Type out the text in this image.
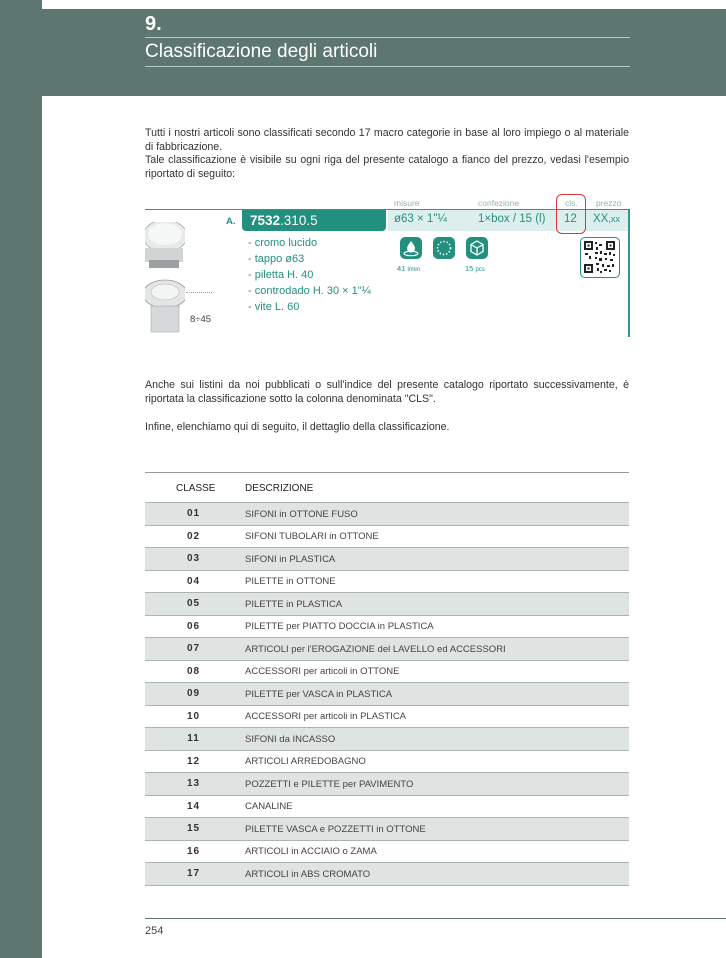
9.
Classificazione degli articoli
Tutti i nostri articoli sono classificati secondo 17 macro categorie in base al loro impiego o al materiale di fabbricazione.
Tale classificazione è visibile su ogni riga del presente catalogo a fianco del prezzo, vedasi l'esempio riportato di seguito:
misure	confezione	cls. prezzo
A.	7532.310.5	ø63 × 1"¼	1×box / 15 (l) 12 XX,xx
- cromo lucido
- tappo ø63
- piletta H. 40
- controdado H. 30 × 1"¼
- vite L. 60
41 l/min	15 pcs
8÷45
Anche sui listini da noi pubblicati o sull'indice del presente catalogo riportato successivamente, è riportata la classificazione sotto la colonna denominata "CLS".
Infine, elenchiamo qui di seguito, il dettaglio della classificazione.
CLASSE	DESCRIZIONE
01	SIFONI in OTTONE FUSO
02	SIFONI TUBOLARI in OTTONE
03	SIFONI in PLASTICA
04	PILETTE in OTTONE
05	PILETTE in PLASTICA
06	PILETTE per PIATTO DOCCIA in PLASTICA
07	ARTICOLI per l'EROGAZIONE del LAVELLO ed ACCESSORI
08	ACCESSORI per articoli in OTTONE
09	PILETTE per VASCA in PLASTICA
10	ACCESSORI per articoli in PLASTICA
11	SIFONI da INCASSO
12	ARTICOLI ARREDOBAGNO
13	POZZETTI e PILETTE per PAVIMENTO
14	CANALINE
15	PILETTE VASCA e POZZETTI in OTTONE
16	ARTICOLI in ACCIAIO o ZAMA
17	ARTICOLI in ABS CROMATO
254
